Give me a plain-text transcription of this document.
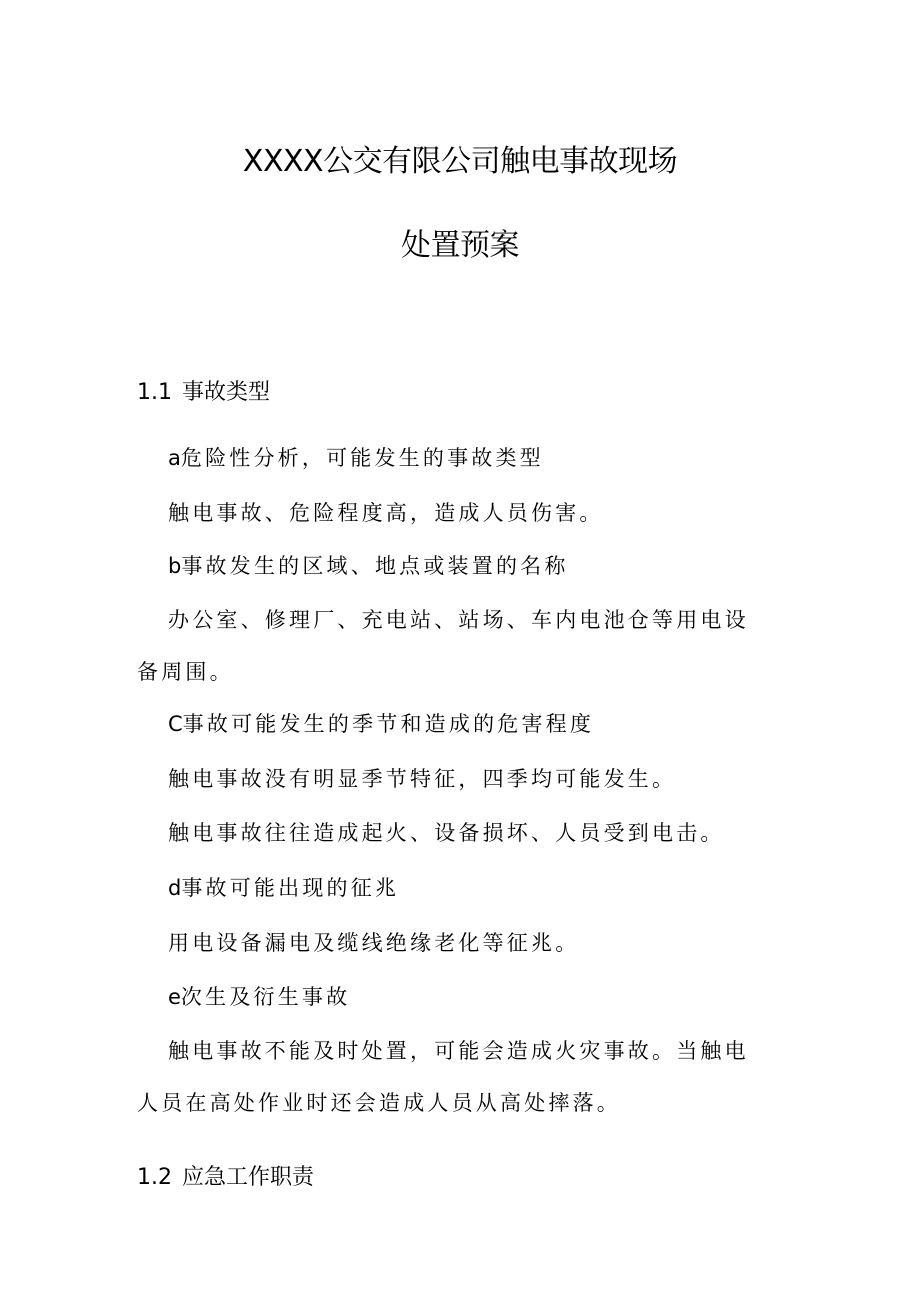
XXXX公交有限公司触电事故现场
处置预案
1.1 事故类型

a危险性分析，可能发生的事故类型

触电事故、危险程度高，造成人员伤害。

b事故发生的区域、地点或装置的名称

办公室、修理厂、充电站、站场、车内电池仓等用电设备周围。

C事故可能发生的季节和造成的危害程度

触电事故没有明显季节特征，四季均可能发生。

触电事故往往造成起火、设备损坏、人员受到电击。

d事故可能出现的征兆

用电设备漏电及缆线绝缘老化等征兆。

e次生及衍生事故

触电事故不能及时处置，可能会造成火灾事故。当触电人员在高处作业时还会造成人员从高处摔落。

1.2 应急工作职责
